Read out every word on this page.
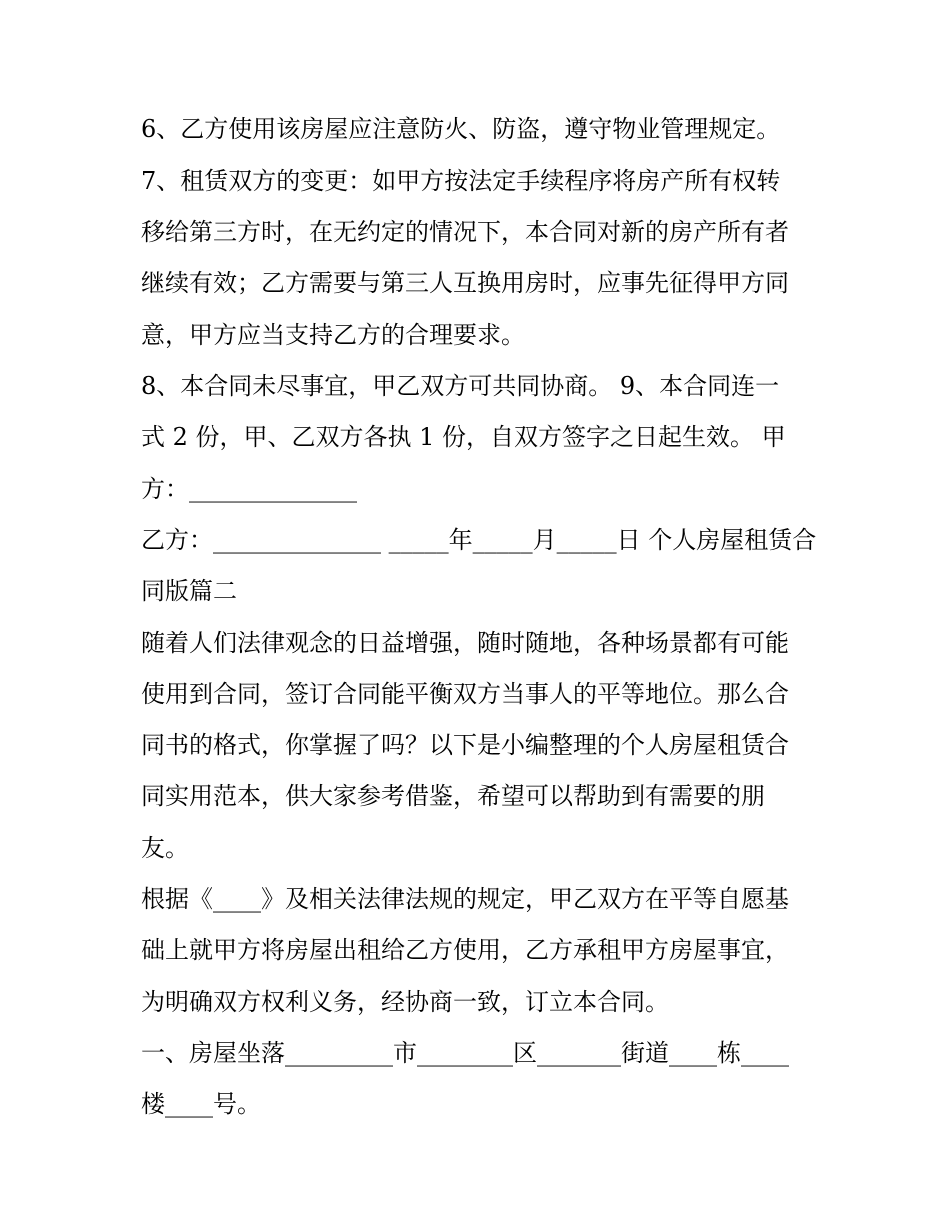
6、乙方使用该房屋应注意防火、防盗，遵守物业管理规定。
7、租赁双方的变更：如甲方按法定手续程序将房产所有权转
移给第三方时，在无约定的情况下，本合同对新的房产所有者
继续有效；乙方需要与第三人互换用房时，应事先征得甲方同
意，甲方应当支持乙方的合理要求。
8、本合同未尽事宜，甲乙双方可共同协商。 9、本合同连一
式 2 份，甲、乙双方各执 1 份，自双方签字之日起生效。 甲
方：______________
乙方：______________ _____年_____月_____日 个人房屋租赁合
同版篇二
随着人们法律观念的日益增强，随时随地，各种场景都有可能
使用到合同，签订合同能平衡双方当事人的平等地位。那么合
同书的格式，你掌握了吗？以下是小编整理的个人房屋租赁合
同实用范本，供大家参考借鉴，希望可以帮助到有需要的朋
友。
根据《____》及相关法律法规的规定，甲乙双方在平等自愿基
础上就甲方将房屋出租给乙方使用，乙方承租甲方房屋事宜，
为明确双方权利义务，经协商一致，订立本合同。
一、房屋坐落_________市________区_______街道____栋____
楼____号。
